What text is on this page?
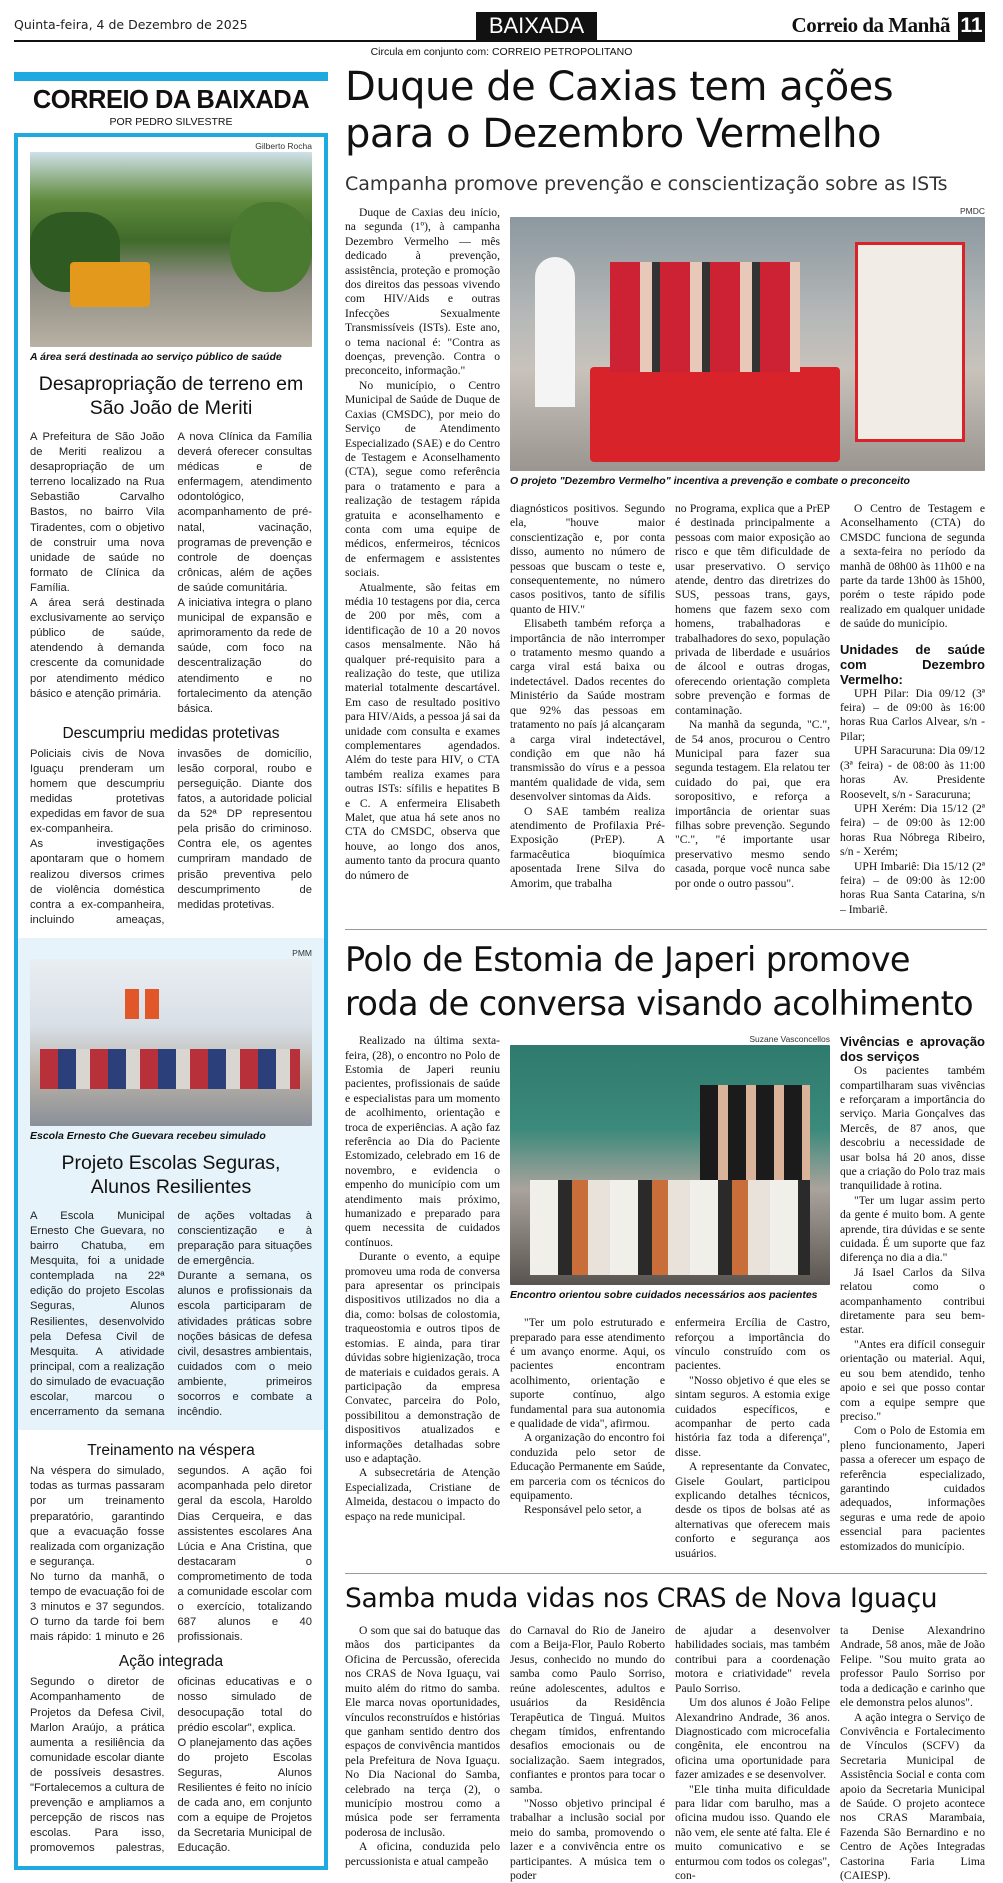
Quinta-feira, 4 de Dezembro de 2025	BAIXADA	Correio da Manhã 11
Circula em conjunto com: CORREIO PETROPOLITANO
CORREIO DA BAIXADA
POR PEDRO SILVESTRE
Gilberto Rocha
A área será destinada ao serviço público de saúde
Desapropriação de terreno em São João de Meriti

A Prefeitura de São João de Meriti realizou a desapropriação de um terreno localizado na Rua Sebastião Carvalho Bastos, no bairro Vila Tiradentes, com o objetivo de construir uma nova unidade de saúde no formato de Clínica da Família.

A área será destinada exclusivamente ao serviço público de saúde, atendendo à demanda crescente da comunidade por atendimento médico básico e atenção primária.

A nova Clínica da Família deverá oferecer consultas médicas e de enfermagem, atendimento odontológico, acompanhamento de pré-natal, vacinação, programas de prevenção e controle de doenças crônicas, além de ações de saúde comunitária.

A iniciativa integra o plano municipal de expansão e aprimoramento da rede de saúde, com foco na descentralização do atendimento e no fortalecimento da atenção básica.

Descumpriu medidas protetivas

Policiais civis de Nova Iguaçu prenderam um homem que descumpriu medidas protetivas expedidas em favor de sua ex-companheira.

As investigações apontaram que o homem realizou diversos crimes de violência doméstica contra a ex-companheira, incluindo ameaças, invasões de domicílio, lesão corporal, roubo e perseguição. Diante dos fatos, a autoridade policial da 52ª DP representou pela prisão do criminoso. Contra ele, os agentes cumpriram mandado de prisão preventiva pelo descumprimento de medidas protetivas.

PMM
Escola Ernesto Che Guevara recebeu simulado
Projeto Escolas Seguras, Alunos Resilientes

A Escola Municipal Ernesto Che Guevara, no bairro Chatuba, em Mesquita, foi a unidade contemplada na 22ª edição do projeto Escolas Seguras, Alunos Resilientes, desenvolvido pela Defesa Civil de Mesquita. A atividade principal, com a realização do simulado de evacuação escolar, marcou o encerramento da semana de ações voltadas à conscientização e à preparação para situações de emergência.

Durante a semana, os alunos e profissionais da escola participaram de atividades práticas sobre noções básicas de defesa civil, desastres ambientais, cuidados com o meio ambiente, primeiros socorros e combate a incêndio.

Treinamento na véspera

Na véspera do simulado, todas as turmas passaram por um treinamento preparatório, garantindo que a evacuação fosse realizada com organização e segurança.

No turno da manhã, o tempo de evacuação foi de 3 minutos e 37 segundos. O turno da tarde foi bem mais rápido: 1 minuto e 26 segundos. A ação foi acompanhada pelo diretor geral da escola, Haroldo Dias Cerqueira, e das assistentes escolares Ana Lúcia e Ana Cristina, que destacaram o comprometimento de toda a comunidade escolar com o exercício, totalizando 687 alunos e 40 profissionais.

Ação integrada

Segundo o diretor de Acompanhamento de Projetos da Defesa Civil, Marlon Araújo, a prática aumenta a resiliência da comunidade escolar diante de possíveis desastres. "Fortalecemos a cultura de prevenção e ampliamos a percepção de riscos nas escolas. Para isso, promovemos palestras, oficinas educativas e o nosso simulado de desocupação total do prédio escolar", explica.

O planejamento das ações do projeto Escolas Seguras, Alunos Resilientes é feito no início de cada ano, em conjunto com a equipe de Projetos da Secretaria Municipal de Educação.

Duque de Caxias tem ações para o Dezembro Vermelho
Campanha promove prevenção e conscientização sobre as ISTs

Duque de Caxias deu início, na segunda (1º), à campanha Dezembro Vermelho — mês dedicado à prevenção, assistência, proteção e promoção dos direitos das pessoas vivendo com HIV/Aids e outras Infecções Sexualmente Transmissíveis (ISTs). Este ano, o tema nacional é: "Contra as doenças, prevenção. Contra o preconceito, informação."

No município, o Centro Municipal de Saúde de Duque de Caxias (CMSDC), por meio do Serviço de Atendimento Especializado (SAE) e do Centro de Testagem e Aconselhamento (CTA), segue como referência para o tratamento e para a realização de testagem rápida gratuita e aconselhamento e conta com uma equipe de médicos, enfermeiros, técnicos de enfermagem e assistentes sociais.

Atualmente, são feitas em média 10 testagens por dia, cerca de 200 por mês, com a identificação de 10 a 20 novos casos mensalmente. Não há qualquer pré-requisito para a realização do teste, que utiliza material totalmente descartável. Em caso de resultado positivo para HIV/Aids, a pessoa já sai da unidade com consulta e exames complementares agendados. Além do teste para HIV, o CTA também realiza exames para outras ISTs: sífilis e hepatites B e C. A enfermeira Elisabeth Malet, que atua há sete anos no CTA do CMSDC, observa que houve, ao longo dos anos, aumento tanto da procura quanto do número de

PMDC
O projeto "Dezembro Vermelho" incentiva a prevenção e combate o preconceito

diagnósticos positivos. Segundo ela, "houve maior conscientização e, por conta disso, aumento no número de pessoas que buscam o teste e, consequentemente, no número casos positivos, tanto de sífilis quanto de HIV."

Elisabeth também reforça a importância de não interromper o tratamento mesmo quando a carga viral está baixa ou indetectável. Dados recentes do Ministério da Saúde mostram que 92% das pessoas em tratamento no país já alcançaram a carga viral indetectável, condição em que não há transmissão do vírus e a pessoa mantém qualidade de vida, sem desenvolver sintomas da Aids.

O SAE também realiza atendimento de Profilaxia Pré-Exposição (PrEP). A farmacêutica bioquímica aposentada Irene Silva do Amorim, que trabalha

no Programa, explica que a PrEP é destinada principalmente a pessoas com maior exposição ao risco e que têm dificuldade de usar preservativo. O serviço atende, dentro das diretrizes do SUS, pessoas trans, gays, homens que fazem sexo com homens, trabalhadoras e trabalhadores do sexo, população privada de liberdade e usuários de álcool e outras drogas, oferecendo orientação completa sobre prevenção e formas de contaminação.

Na manhã da segunda, "C.", de 54 anos, procurou o Centro Municipal para fazer sua segunda testagem. Ela relatou ter cuidado do pai, que era soropositivo, e reforça a importância de orientar suas filhas sobre prevenção. Segundo "C.", "é importante usar preservativo mesmo sendo casada, porque você nunca sabe por onde o outro passou".

O Centro de Testagem e Aconselhamento (CTA) do CMSDC funciona de segunda a sexta-feira no período da manhã de 08h00 às 11h00 e na parte da tarde 13h00 às 15h00, porém o teste rápido pode realizado em qualquer unidade de saúde do município.

Unidades de saúde com Dezembro Vermelho:

UPH Pilar: Dia 09/12 (3ª feira) – de 09:00 às 16:00 horas Rua Carlos Alvear, s/n - Pilar;

UPH Saracuruna: Dia 09/12 (3ª feira) - de 08:00 às 11:00 horas Av. Presidente Roosevelt, s/n - Saracuruna;

UPH Xerém: Dia 15/12 (2ª feira) – de 09:00 às 12:00 horas Rua Nóbrega Ribeiro, s/n - Xerém;

UPH Imbariê: Dia 15/12 (2ª feira) – de 09:00 às 12:00 horas Rua Santa Catarina, s/n – Imbariê.

Polo de Estomia de Japeri promove roda de conversa visando acolhimento

Realizado na última sexta-feira, (28), o encontro no Polo de Estomia de Japeri reuniu pacientes, profissionais de saúde e especialistas para um momento de acolhimento, orientação e troca de experiências. A ação faz referência ao Dia do Paciente Estomizado, celebrado em 16 de novembro, e evidencia o empenho do município com um atendimento mais próximo, humanizado e preparado para quem necessita de cuidados contínuos.

Durante o evento, a equipe promoveu uma roda de conversa para apresentar os principais dispositivos utilizados no dia a dia, como: bolsas de colostomia, traqueostomia e outros tipos de estomias. E ainda, para tirar dúvidas sobre higienização, troca de materiais e cuidados gerais. A participação da empresa Convatec, parceira do Polo, possibilitou a demonstração de dispositivos atualizados e informações detalhadas sobre uso e adaptação.

A subsecretária de Atenção Especializada, Cristiane de Almeida, destacou o impacto do espaço na rede municipal.

Suzane Vasconcellos
Encontro orientou sobre cuidados necessários aos pacientes

"Ter um polo estruturado e preparado para esse atendimento é um avanço enorme. Aqui, os pacientes encontram acolhimento, orientação e suporte contínuo, algo fundamental para sua autonomia e qualidade de vida", afirmou.

A organização do encontro foi conduzida pelo setor de Educação Permanente em Saúde, em parceria com os técnicos do equipamento.

Responsável pelo setor, a

enfermeira Ercília de Castro, reforçou a importância do vínculo construído com os pacientes.

"Nosso objetivo é que eles se sintam seguros. A estomia exige cuidados específicos, e acompanhar de perto cada história faz toda a diferença", disse.

A representante da Convatec, Gisele Goulart, participou explicando detalhes técnicos, desde os tipos de bolsas até as alternativas que oferecem mais conforto e segurança aos usuários.

Vivências e aprovação dos serviços

Os pacientes também compartilharam suas vivências e reforçaram a importância do serviço. Maria Gonçalves das Mercês, de 87 anos, que descobriu a necessidade de usar bolsa há 20 anos, disse que a criação do Polo traz mais tranquilidade à rotina.

"Ter um lugar assim perto da gente é muito bom. A gente aprende, tira dúvidas e se sente cuidada. É um suporte que faz diferença no dia a dia."

Já Isael Carlos da Silva relatou como o acompanhamento contribui diretamente para seu bem-estar.

"Antes era difícil conseguir orientação ou material. Aqui, eu sou bem atendido, tenho apoio e sei que posso contar com a equipe sempre que preciso."

Com o Polo de Estomia em pleno funcionamento, Japeri passa a oferecer um espaço de referência especializado, garantindo cuidados adequados, informações seguras e uma rede de apoio essencial para pacientes estomizados do município.

Samba muda vidas nos CRAS de Nova Iguaçu

O som que sai do batuque das mãos dos participantes da Oficina de Percussão, oferecida nos CRAS de Nova Iguaçu, vai muito além do ritmo do samba. Ele marca novas oportunidades, vínculos reconstruídos e histórias que ganham sentido dentro dos espaços de convivência mantidos pela Prefeitura de Nova Iguaçu. No Dia Nacional do Samba, celebrado na terça (2), o município mostrou como a música pode ser ferramenta poderosa de inclusão.

A oficina, conduzida pelo percussionista e atual campeão

do Carnaval do Rio de Janeiro com a Beija-Flor, Paulo Roberto Jesus, conhecido no mundo do samba como Paulo Sorriso, reúne adolescentes, adultos e usuários da Residência Terapêutica de Tinguá. Muitos chegam tímidos, enfrentando desafios emocionais ou de socialização. Saem integrados, confiantes e prontos para tocar o samba.

"Nosso objetivo principal é trabalhar a inclusão social por meio do samba, promovendo o lazer e a convivência entre os participantes. A música tem o poder

de ajudar a desenvolver habilidades sociais, mas também contribui para a coordenação motora e criatividade" revela Paulo Sorriso.

Um dos alunos é João Felipe Alexandrino Andrade, 36 anos. Diagnosticado com microcefalia congênita, ele encontrou na oficina uma oportunidade para fazer amizades e se desenvolver.

"Ele tinha muita dificuldade para lidar com barulho, mas a oficina mudou isso. Quando ele não vem, ele sente até falta. Ele é muito comunicativo e se enturmou com todos os colegas", con-

ta Denise Alexandrino Andrade, 58 anos, mãe de João Felipe. "Sou muito grata ao professor Paulo Sorriso por toda a dedicação e carinho que ele demonstra pelos alunos".

A ação integra o Serviço de Convivência e Fortalecimento de Vínculos (SCFV) da Secretaria Municipal de Assistência Social e conta com apoio da Secretaria Municipal de Saúde. O projeto acontece nos CRAS Marambaia, Fazenda São Bernardino e no Centro de Ações Integradas Castorina Faria Lima (CAIESP).
